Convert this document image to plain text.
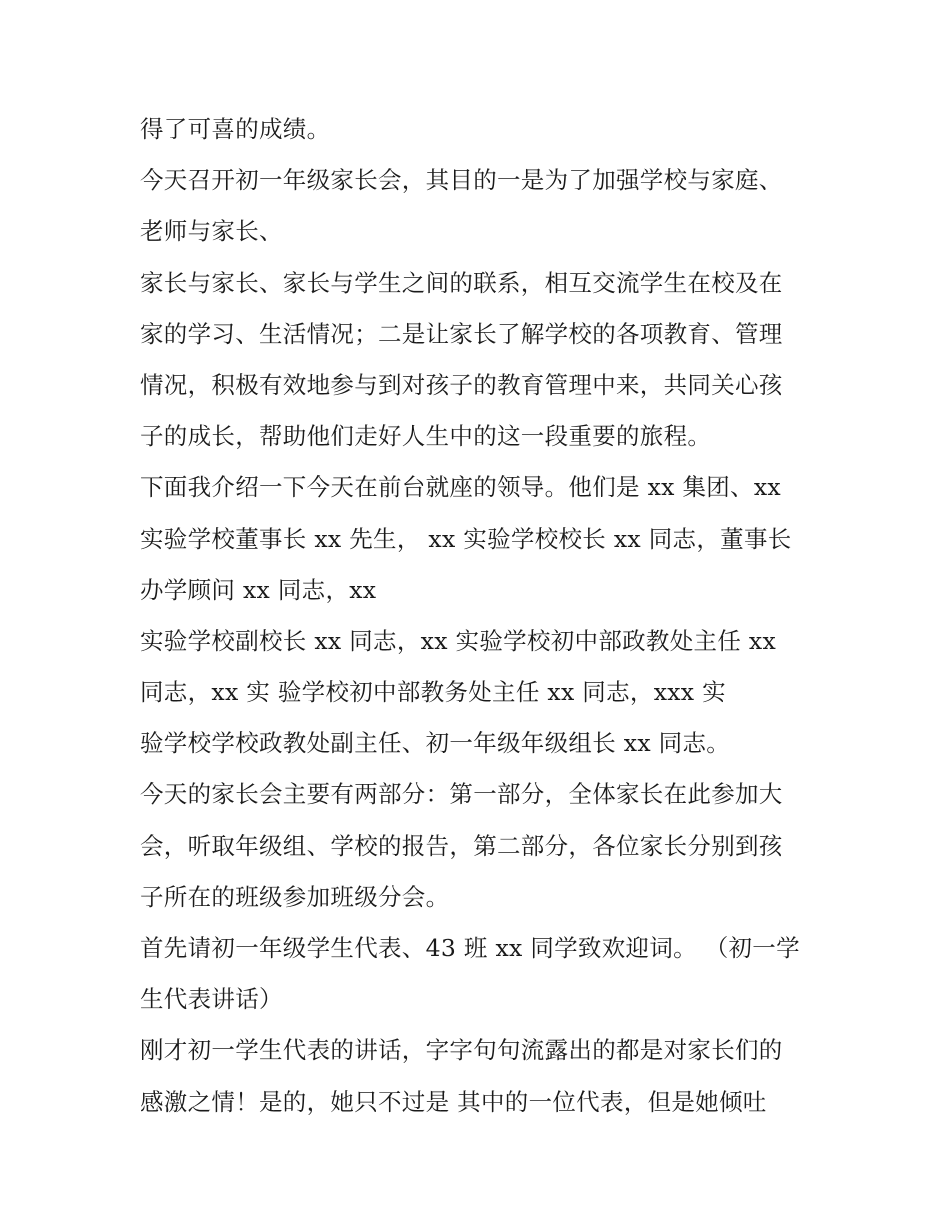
得了可喜的成绩。
今天召开初一年级家长会，其目的一是为了加强学校与家庭、
老师与家长、
家长与家长、家长与学生之间的联系，相互交流学生在校及在
家的学习、生活情况；二是让家长了解学校的各项教育、管理
情况，积极有效地参与到对孩子的教育管理中来，共同关心孩
子的成长，帮助他们走好人生中的这一段重要的旅程。
下面我介绍一下今天在前台就座的领导。他们是 xx 集团、xx
实验学校董事长 xx 先生， xx 实验学校校长 xx 同志，董事长
办学顾问 xx 同志，xx
实验学校副校长 xx 同志，xx 实验学校初中部政教处主任 xx
同志，xx 实 验学校初中部教务处主任 xx 同志，xxx 实
验学校学校政教处副主任、初一年级年级组长 xx 同志。
今天的家长会主要有两部分：第一部分，全体家长在此参加大
会，听取年级组、学校的报告，第二部分，各位家长分别到孩
子所在的班级参加班级分会。
首先请初一年级学生代表、43 班 xx 同学致欢迎词。 （初一学
生代表讲话）
刚才初一学生代表的讲话，字字句句流露出的都是对家长们的
感激之情！是的，她只不过是 其中的一位代表，但是她倾吐
